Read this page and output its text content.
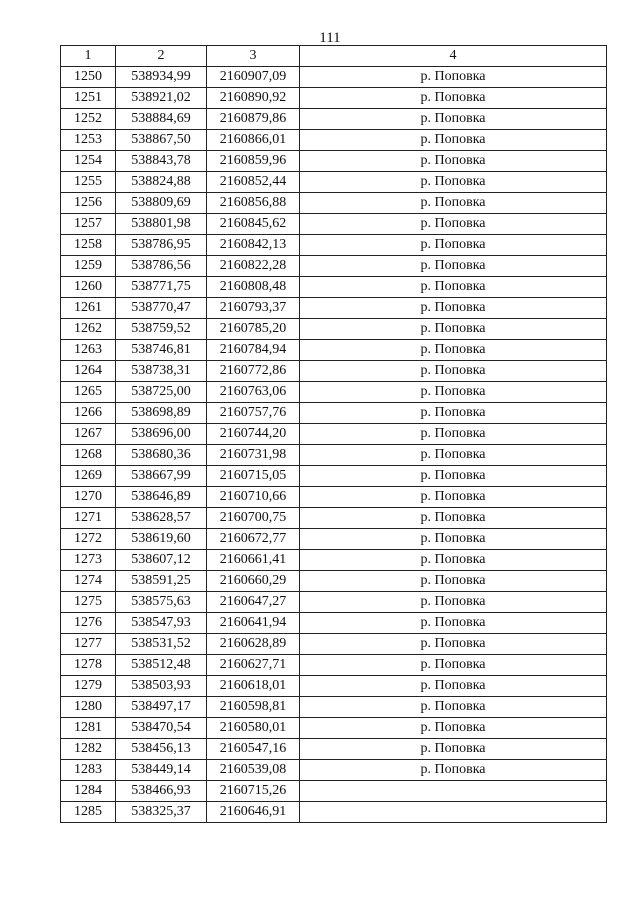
111
1	2	3	4
1250	538934,99	2160907,09	р. Поповка
1251	538921,02	2160890,92	р. Поповка
1252	538884,69	2160879,86	р. Поповка
1253	538867,50	2160866,01	р. Поповка
1254	538843,78	2160859,96	р. Поповка
1255	538824,88	2160852,44	р. Поповка
1256	538809,69	2160856,88	р. Поповка
1257	538801,98	2160845,62	р. Поповка
1258	538786,95	2160842,13	р. Поповка
1259	538786,56	2160822,28	р. Поповка
1260	538771,75	2160808,48	р. Поповка
1261	538770,47	2160793,37	р. Поповка
1262	538759,52	2160785,20	р. Поповка
1263	538746,81	2160784,94	р. Поповка
1264	538738,31	2160772,86	р. Поповка
1265	538725,00	2160763,06	р. Поповка
1266	538698,89	2160757,76	р. Поповка
1267	538696,00	2160744,20	р. Поповка
1268	538680,36	2160731,98	р. Поповка
1269	538667,99	2160715,05	р. Поповка
1270	538646,89	2160710,66	р. Поповка
1271	538628,57	2160700,75	р. Поповка
1272	538619,60	2160672,77	р. Поповка
1273	538607,12	2160661,41	р. Поповка
1274	538591,25	2160660,29	р. Поповка
1275	538575,63	2160647,27	р. Поповка
1276	538547,93	2160641,94	р. Поповка
1277	538531,52	2160628,89	р. Поповка
1278	538512,48	2160627,71	р. Поповка
1279	538503,93	2160618,01	р. Поповка
1280	538497,17	2160598,81	р. Поповка
1281	538470,54	2160580,01	р. Поповка
1282	538456,13	2160547,16	р. Поповка
1283	538449,14	2160539,08	р. Поповка
1284	538466,93	2160715,26	
1285	538325,37	2160646,91	
